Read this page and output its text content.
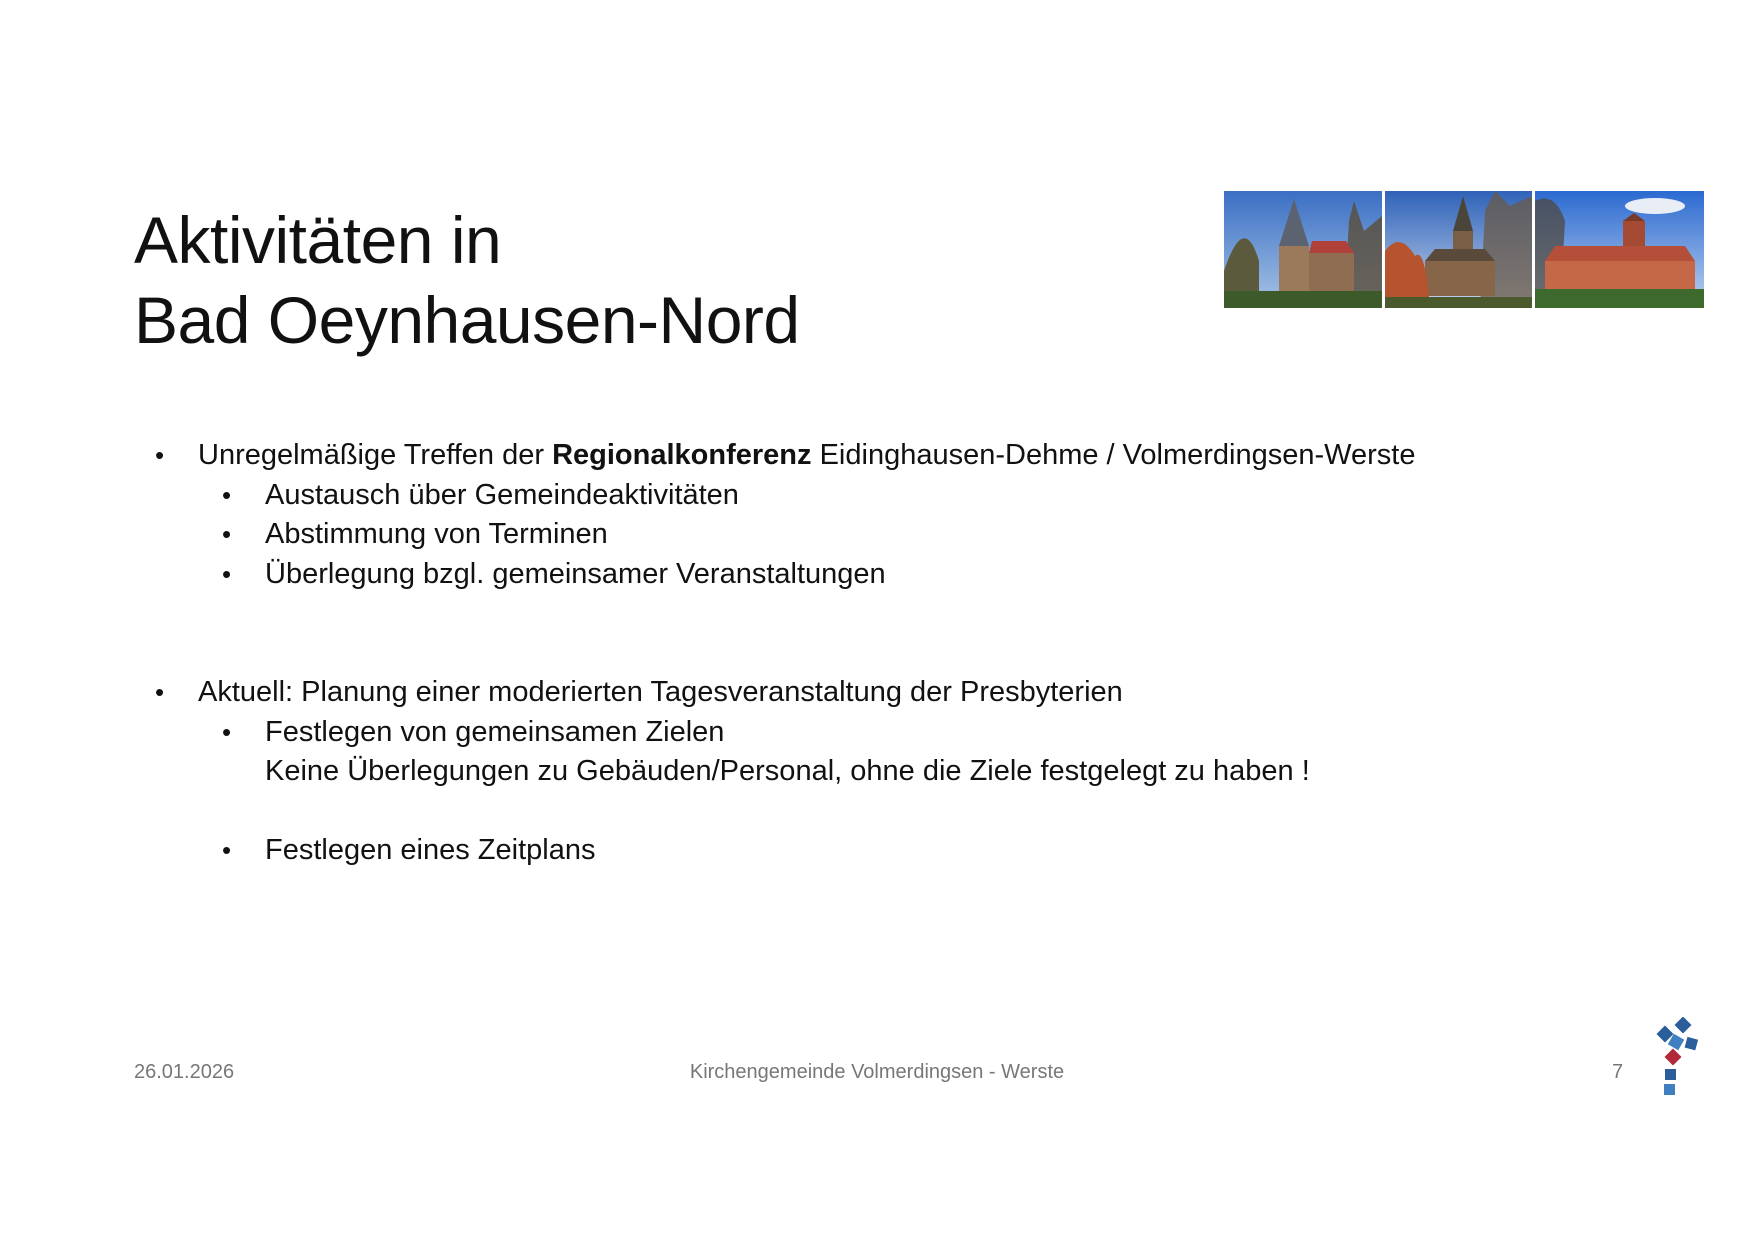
Aktivitäten in
Bad Oeynhausen-Nord
• Unregelmäßige Treffen der Regionalkonferenz Eidinghausen-Dehme / Volmerdingsen-Werste
• Austausch über Gemeindeaktivitäten
• Abstimmung von Terminen
• Überlegung bzgl. gemeinsamer Veranstaltungen
• Aktuell: Planung einer moderierten Tagesveranstaltung der Presbyterien
• Festlegen von gemeinsamen Zielen
Keine Überlegungen zu Gebäuden/Personal, ohne die Ziele festgelegt zu haben !
• Festlegen eines Zeitplans
26.01.2026	Kirchengemeinde Volmerdingsen - Werste	7
